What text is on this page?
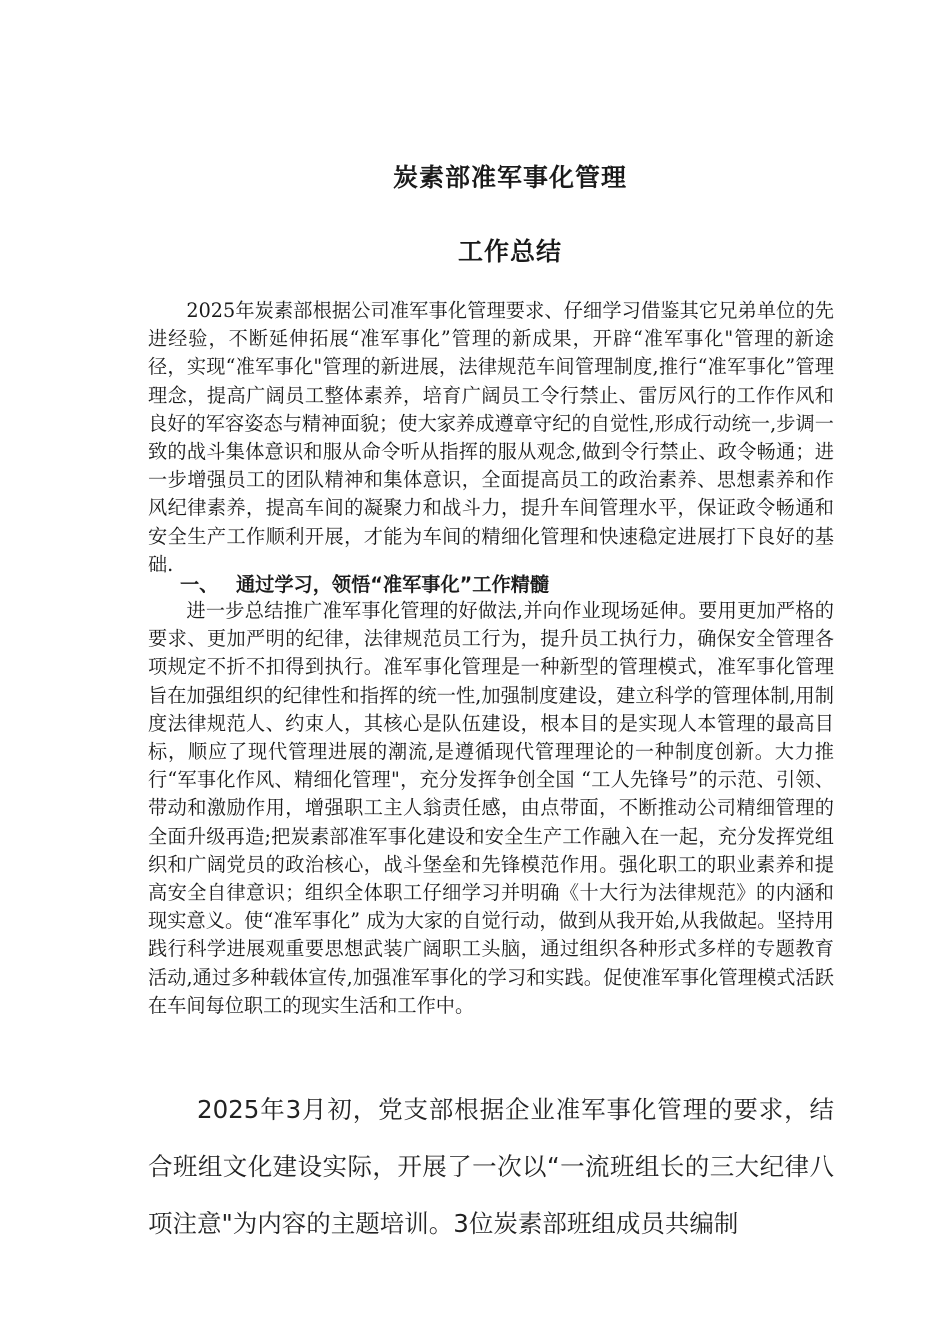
炭素部准军事化管理
工作总结

2025年炭素部根据公司准军事化管理要求、仔细学习借鉴其它兄弟单位的先进经验，不断延伸拓展“准军事化”管理的新成果，开辟“准军事化"管理的新途径，实现“准军事化"管理的新进展，法律规范车间管理制度,推行“准军事化”管理理念，提高广阔员工整体素养，培育广阔员工令行禁止、雷厉风行的工作作风和良好的军容姿态与精神面貌；使大家养成遵章守纪的自觉性,形成行动统一,步调一致的战斗集体意识和服从命令听从指挥的服从观念,做到令行禁止、政令畅通；进一步增强员工的团队精神和集体意识，全面提高员工的政治素养、思想素养和作风纪律素养，提高车间的凝聚力和战斗力，提升车间管理水平，保证政令畅通和安全生产工作顺利开展，才能为车间的精细化管理和快速稳定进展打下良好的基础.

一、 通过学习，领悟“准军事化”工作精髓

进一步总结推广准军事化管理的好做法,并向作业现场延伸。要用更加严格的要求、更加严明的纪律，法律规范员工行为，提升员工执行力，确保安全管理各项规定不折不扣得到执行。准军事化管理是一种新型的管理模式，准军事化管理旨在加强组织的纪律性和指挥的统一性,加强制度建设，建立科学的管理体制,用制度法律规范人、约束人，其核心是队伍建设，根本目的是实现人本管理的最高目标，顺应了现代管理进展的潮流,是遵循现代管理理论的一种制度创新。大力推行“军事化作风、精细化管理"，充分发挥争创全国 “工人先锋号”的示范、引领、带动和激励作用，增强职工主人翁责任感，由点带面，不断推动公司精细管理的全面升级再造;把炭素部准军事化建设和安全生产工作融入在一起，充分发挥党组织和广阔党员的政治核心，战斗堡垒和先锋模范作用。强化职工的职业素养和提高安全自律意识；组织全体职工仔细学习并明确《十大行为法律规范》的内涵和现实意义。使“准军事化” 成为大家的自觉行动，做到从我开始,从我做起。坚持用践行科学进展观重要思想武装广阔职工头脑，通过组织各种形式多样的专题教育活动,通过多种载体宣传,加强准军事化的学习和实践。促使准军事化管理模式活跃在车间每位职工的现实生活和工作中。

2025年3月初，党支部根据企业准军事化管理的要求，结合班组文化建设实际，开展了一次以“一流班组长的三大纪律八项注意"为内容的主题培训。3位炭素部班组成员共编制
